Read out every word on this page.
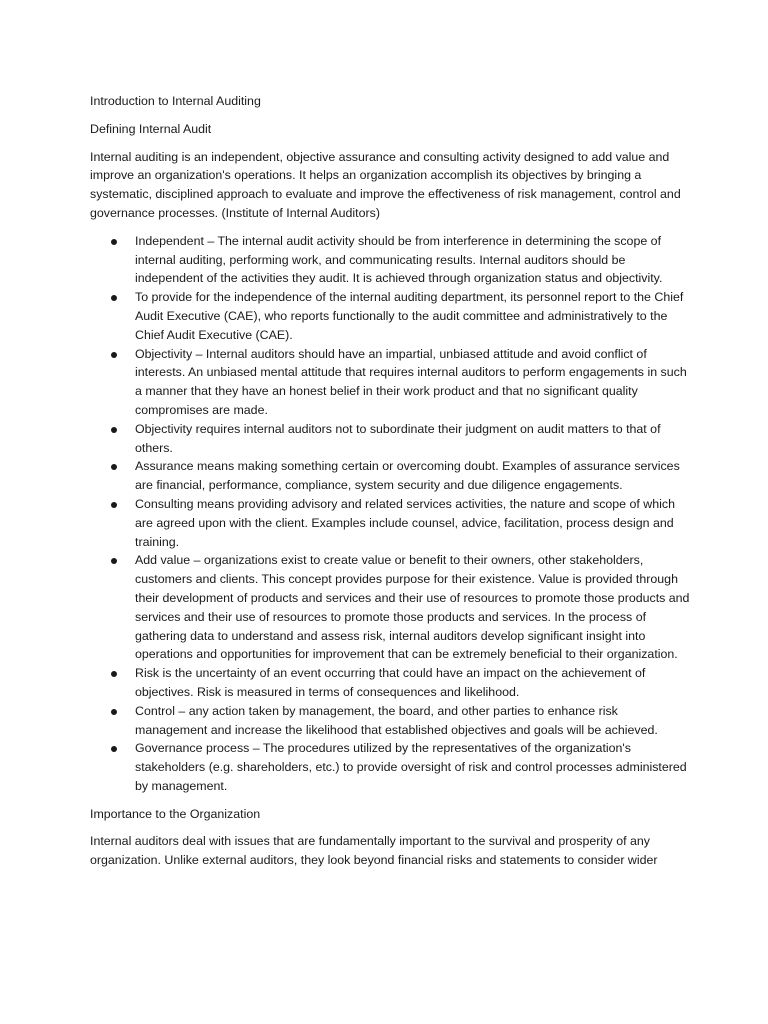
Introduction to Internal Auditing

Defining Internal Audit

Internal auditing is an independent, objective assurance and consulting activity designed to add value and improve an organization's operations. It helps an organization accomplish its objectives by bringing a systematic, disciplined approach to evaluate and improve the effectiveness of risk management, control and governance processes. (Institute of Internal Auditors)

Independent – The internal audit activity should be from interference in determining the scope of internal auditing, performing work, and communicating results. Internal auditors should be independent of the activities they audit. It is achieved through organization status and objectivity.
To provide for the independence of the internal auditing department, its personnel report to the Chief Audit Executive (CAE), who reports functionally to the audit committee and administratively to the Chief Audit Executive (CAE).
Objectivity – Internal auditors should have an impartial, unbiased attitude and avoid conflict of interests. An unbiased mental attitude that requires internal auditors to perform engagements in such a manner that they have an honest belief in their work product and that no significant quality compromises are made.
Objectivity requires internal auditors not to subordinate their judgment on audit matters to that of others.
Assurance means making something certain or overcoming doubt. Examples of assurance services are financial, performance, compliance, system security and due diligence engagements.
Consulting means providing advisory and related services activities, the nature and scope of which are agreed upon with the client. Examples include counsel, advice, facilitation, process design and training.
Add value – organizations exist to create value or benefit to their owners, other stakeholders, customers and clients. This concept provides purpose for their existence. Value is provided through their development of products and services and their use of resources to promote those products and services and their use of resources to promote those products and services. In the process of gathering data to understand and assess risk, internal auditors develop significant insight into operations and opportunities for improvement that can be extremely beneficial to their organization.
Risk is the uncertainty of an event occurring that could have an impact on the achievement of objectives. Risk is measured in terms of consequences and likelihood.
Control – any action taken by management, the board, and other parties to enhance risk management and increase the likelihood that established objectives and goals will be achieved.
Governance process – The procedures utilized by the representatives of the organization's stakeholders (e.g. shareholders, etc.) to provide oversight of risk and control processes administered by management.

Importance to the Organization

Internal auditors deal with issues that are fundamentally important to the survival and prosperity of any organization. Unlike external auditors, they look beyond financial risks and statements to consider wider
